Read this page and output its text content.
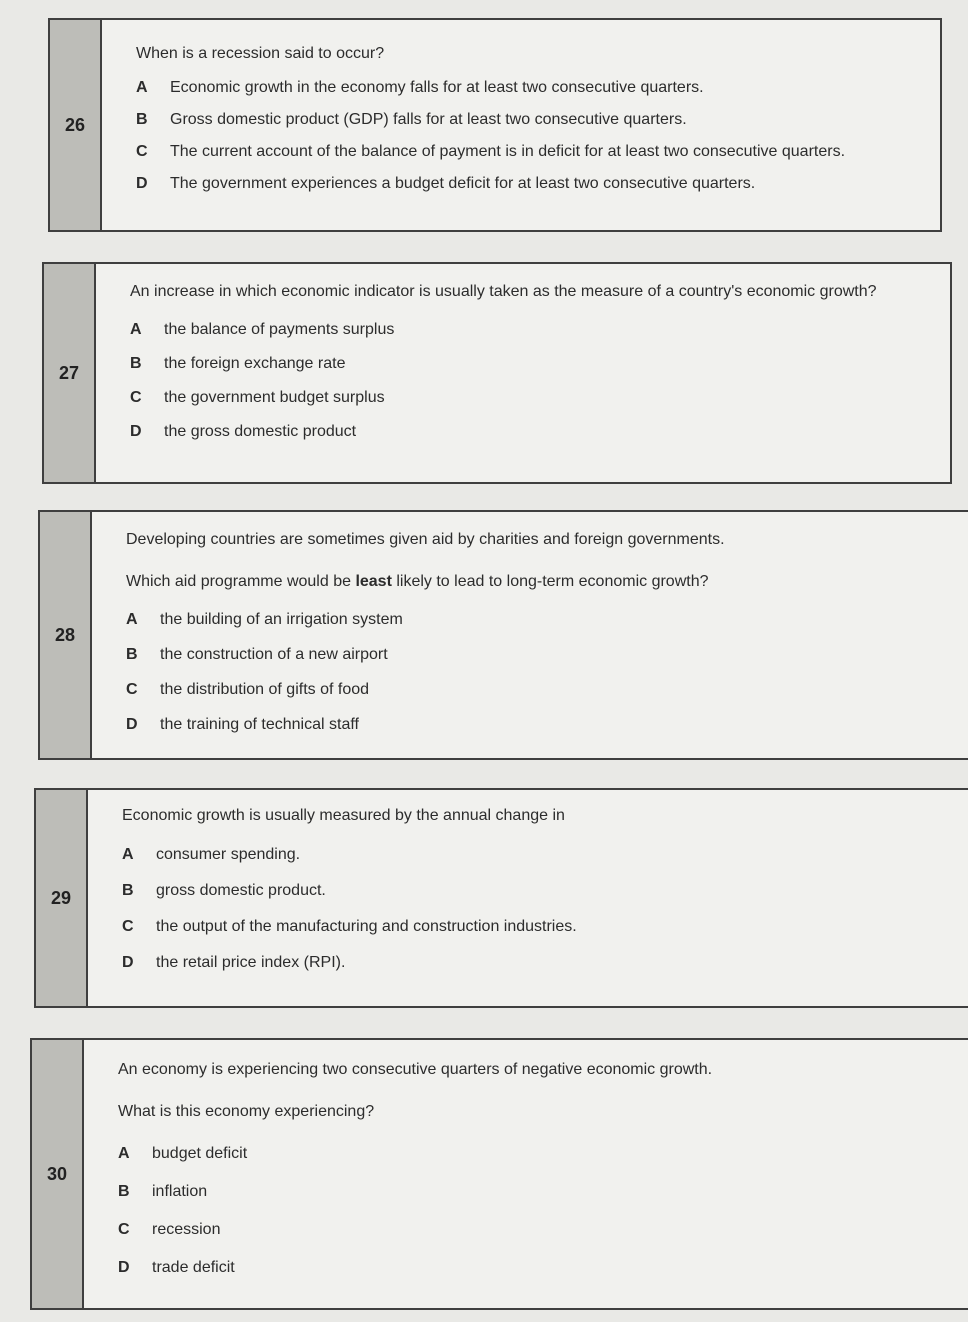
26
When is a recession said to occur?
A	Economic growth in the economy falls for at least two consecutive quarters.
B	Gross domestic product (GDP) falls for at least two consecutive quarters.
C	The current account of the balance of payment is in deficit for at least two consecutive quarters.
D	The government experiences a budget deficit for at least two consecutive quarters.
27
An increase in which economic indicator is usually taken as the measure of a country's economic growth?
A	the balance of payments surplus
B	the foreign exchange rate
C	the government budget surplus
D	the gross domestic product
28
Developing countries are sometimes given aid by charities and foreign governments.
Which aid programme would be least likely to lead to long-term economic growth?
A	the building of an irrigation system
B	the construction of a new airport
C	the distribution of gifts of food
D	the training of technical staff
29
Economic growth is usually measured by the annual change in
A	consumer spending.
B	gross domestic product.
C	the output of the manufacturing and construction industries.
D	the retail price index (RPI).
30
An economy is experiencing two consecutive quarters of negative economic growth.
What is this economy experiencing?
A	budget deficit
B	inflation
C	recession
D	trade deficit
